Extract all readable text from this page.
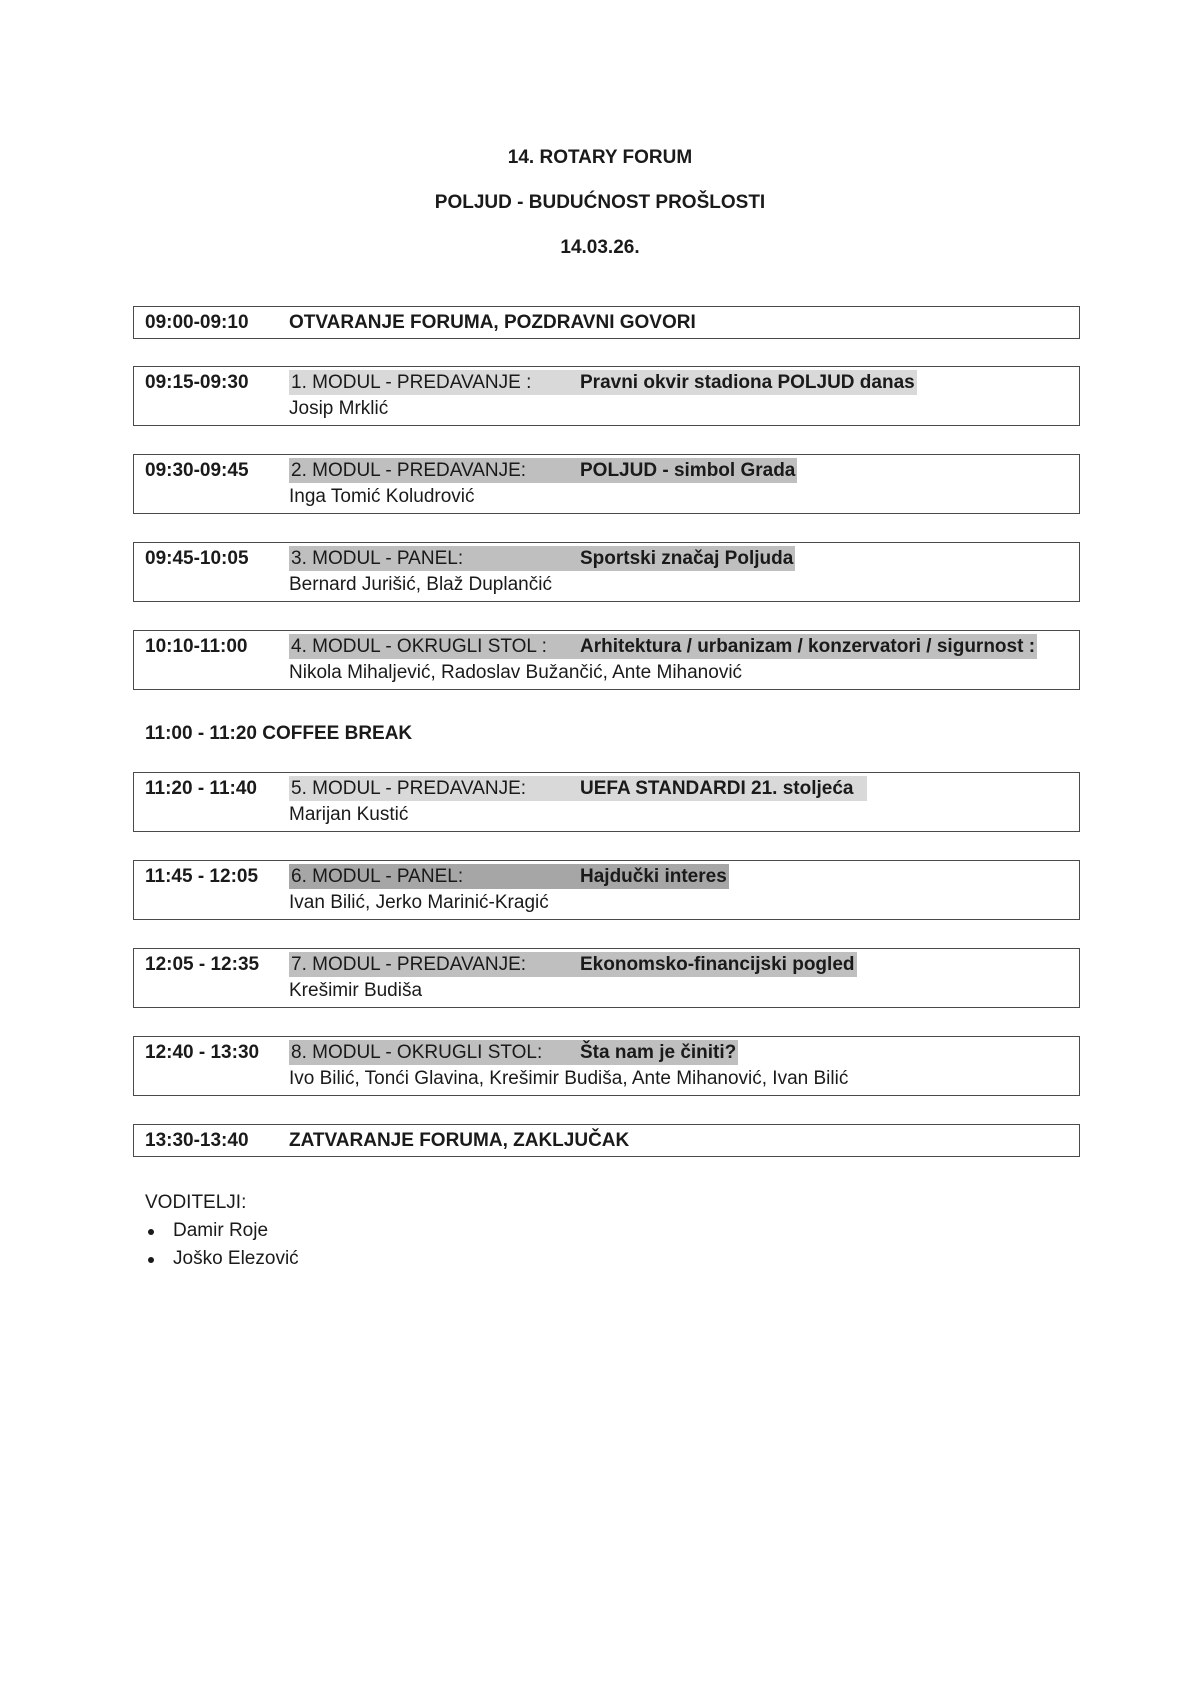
14. ROTARY FORUM
POLJUD - BUDUĆNOST PROŠLOSTI
14.03.26.
09:00-09:10 OTVARANJE FORUMA, POZDRAVNI GOVORI
09:15-09:30 1. MODUL - PREDAVANJE :	Pravni okvir stadiona POLJUD danas
Josip Mrklić
09:30-09:45 2. MODUL - PREDAVANJE:	POLJUD - simbol Grada
Inga Tomić Koludrović
09:45-10:05 3. MODUL - PANEL:	Sportski značaj Poljuda
Bernard Jurišić, Blaž Duplančić
10:10-11:00 4. MODUL - OKRUGLI STOL : Arhitektura / urbanizam / konzervatori / sigurnost :
Nikola Mihaljević, Radoslav Bužančić, Ante Mihanović
11:00 - 11:20 COFFEE BREAK
11:20 - 11:40 5. MODUL - PREDAVANJE:	UEFA STANDARDI 21. stoljeća
Marijan Kustić
11:45 - 12:05 6. MODUL - PANEL:	Hajdučki interes
Ivan Bilić, Jerko Marinić-Kragić
12:05 - 12:35 7. MODUL - PREDAVANJE:	Ekonomsko-financijski pogled
Krešimir Budiša
12:40 - 13:30 8. MODUL - OKRUGLI STOL: Šta nam je činiti?
Ivo Bilić, Tonći Glavina, Krešimir Budiša, Ante Mihanović, Ivan Bilić
13:30-13:40 ZATVARANJE FORUMA, ZAKLJUČAK
VODITELJI:
Damir Roje
Joško Elezović
